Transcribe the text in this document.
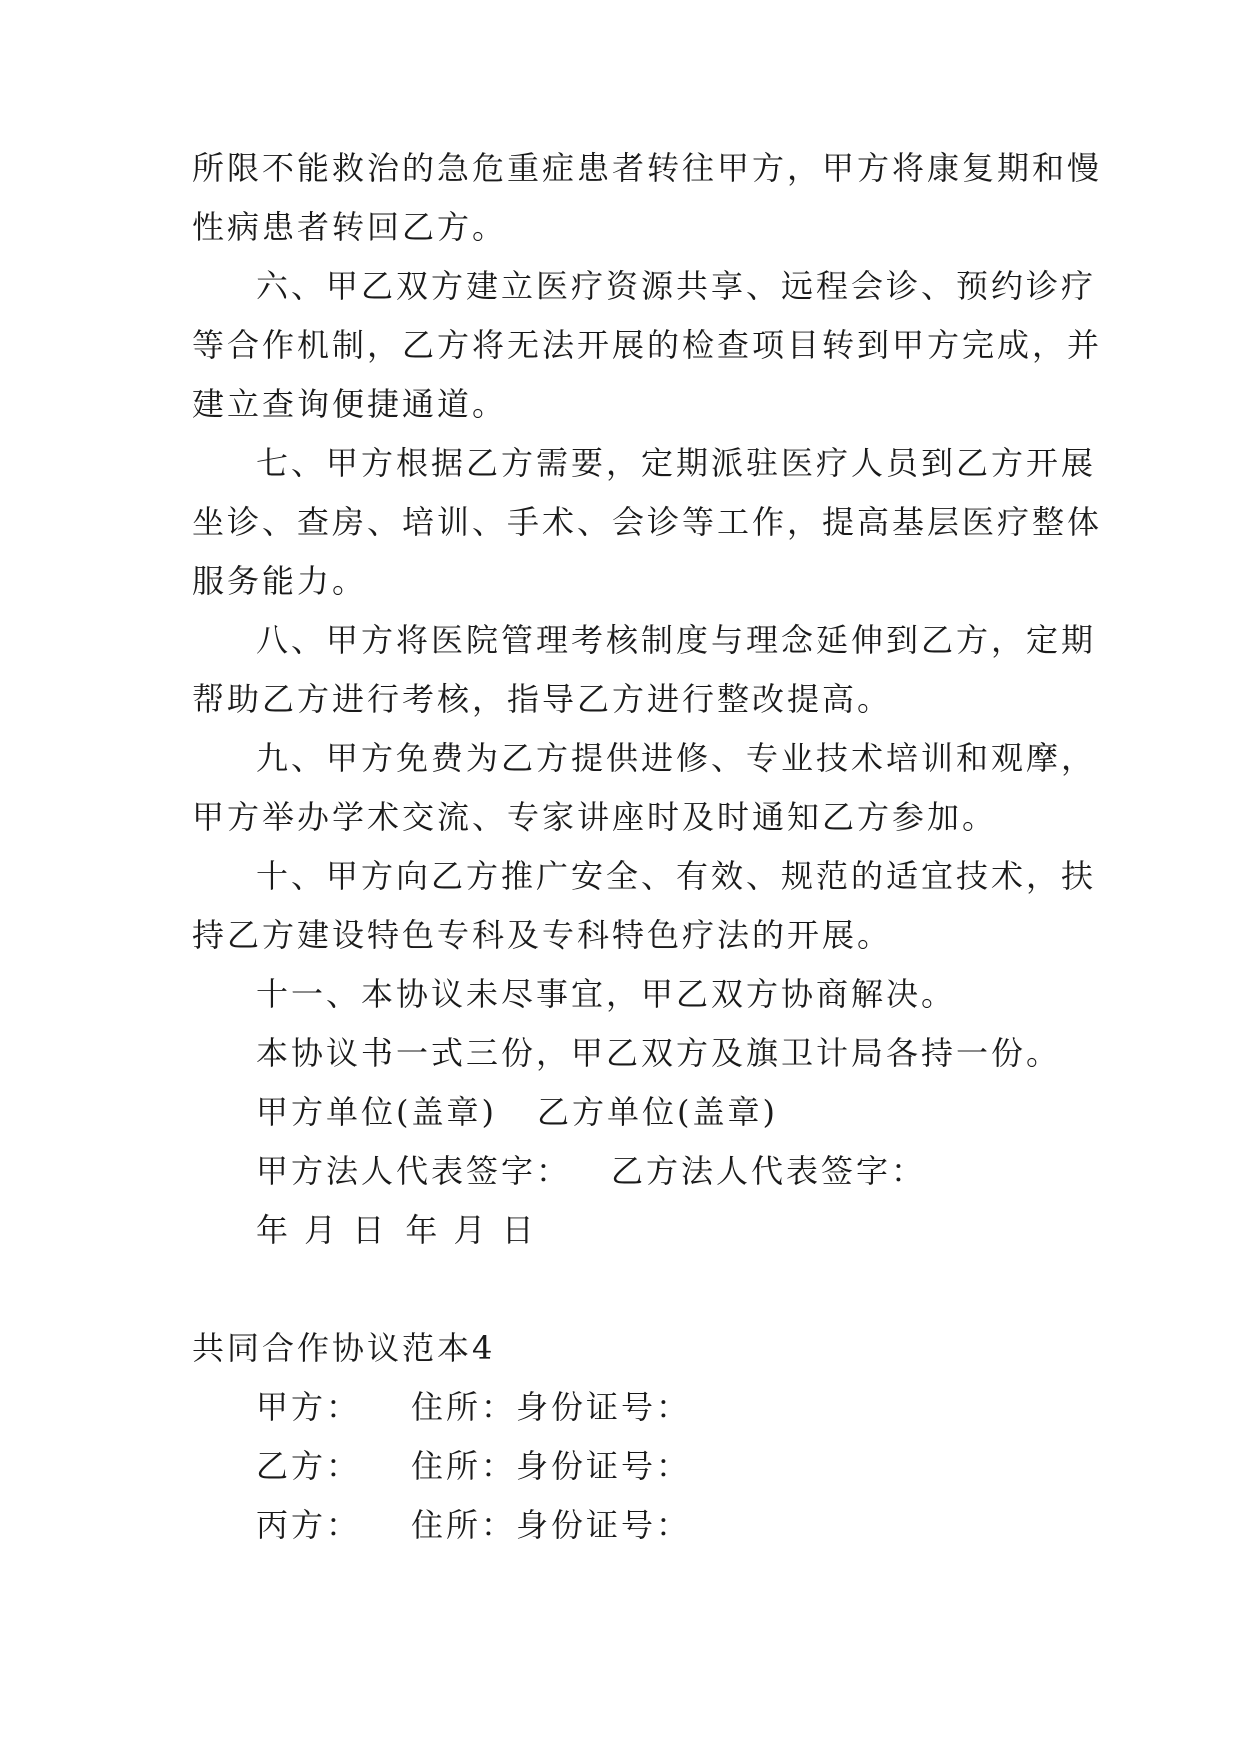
所限不能救治的急危重症患者转往甲方，甲方将康复期和慢
性病患者转回乙方。
六、甲乙双方建立医疗资源共享、远程会诊、预约诊疗
等合作机制，乙方将无法开展的检查项目转到甲方完成，并
建立查询便捷通道。
七、甲方根据乙方需要，定期派驻医疗人员到乙方开展
坐诊、查房、培训、手术、会诊等工作，提高基层医疗整体
服务能力。
八、甲方将医院管理考核制度与理念延伸到乙方，定期
帮助乙方进行考核，指导乙方进行整改提高。
九、甲方免费为乙方提供进修、专业技术培训和观摩，
甲方举办学术交流、专家讲座时及时通知乙方参加。
十、甲方向乙方推广安全、有效、规范的适宜技术，扶
持乙方建设特色专科及专科特色疗法的开展。
十一、本协议未尽事宜，甲乙双方协商解决。
本协议书一式三份，甲乙双方及旗卫计局各持一份。
甲方单位(盖章) 乙方单位(盖章)
甲方法人代表签字： 乙方法人代表签字：
年 月 日 年 月 日
共同合作协议范本4
甲方： 住所：身份证号：
乙方： 住所：身份证号：
丙方： 住所：身份证号：
